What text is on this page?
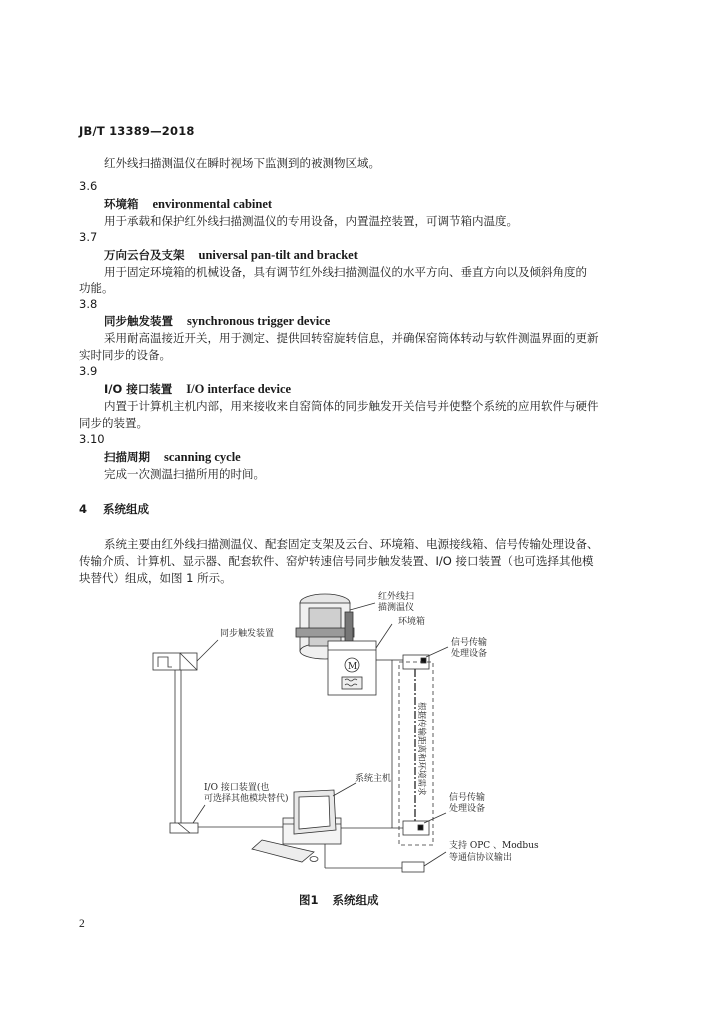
JB/T 13389—2018
红外线扫描测温仪在瞬时视场下监测到的被测物区域。
3.6
环境箱 environmental cabinet
用于承载和保护红外线扫描测温仪的专用设备，内置温控装置，可调节箱内温度。
3.7
万向云台及支架 universal pan-tilt and bracket
用于固定环境箱的机械设备，具有调节红外线扫描测温仪的水平方向、垂直方向以及倾斜角度的
功能。
3.8
同步触发装置 synchronous trigger device
采用耐高温接近开关，用于测定、提供回转窑旋转信息，并确保窑筒体转动与软件测温界面的更新
实时同步的设备。
3.9
I/O 接口装置 I/O interface device
内置于计算机主机内部，用来接收来自窑筒体的同步触发开关信号并使整个系统的应用软件与硬件
同步的装置。
3.10
扫描周期 scanning cycle
完成一次测温扫描所用的时间。
4 系统组成
系统主要由红外线扫描测温仪、配套固定支架及云台、环境箱、电源接线箱、信号传输处理设备、
传输介质、计算机、显示器、配套软件、窑炉转速信号同步触发装置、I/O 接口装置（也可选择其他模
块替代）组成，如图 1 所示。
红外线扫
描测温仪
环境箱
同步触发装置
信号传输
处理设备
系统主机
I/O 接口装置(也
可选择其他模块替代)	信号传输
处理设备
支持 OPC 、Modbus
等通信协议输出
M
根据传输距离和环境需求
图1 系统组成
2
